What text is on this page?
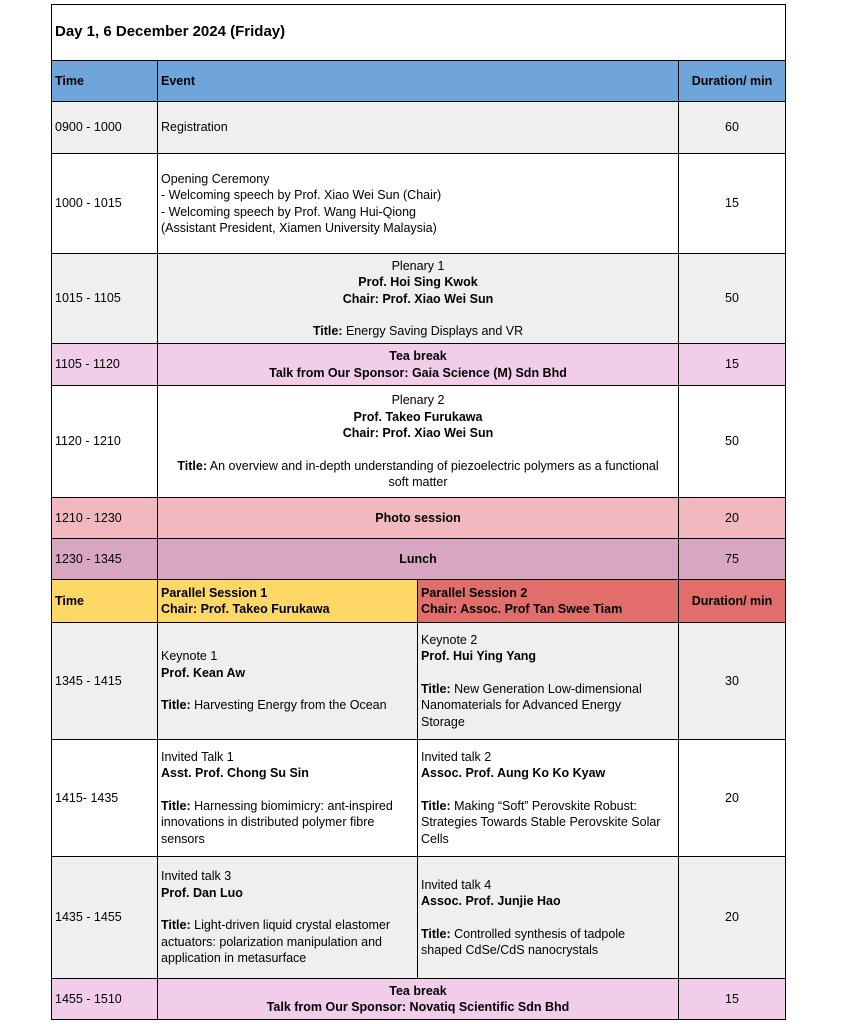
Day 1, 6 December 2024 (Friday)			
Time	Event		Duration/ min
0900 - 1000	Registration		60
1000 - 1015	Opening Ceremony
- Welcoming speech by Prof. Xiao Wei Sun (Chair)
- Welcoming speech by Prof. Wang Hui-Qiong
(Assistant President, Xiamen University Malaysia)		15
1015 - 1105	Plenary 1
Prof. Hoi Sing Kwok
Chair: Prof. Xiao Wei Sun
Title: Energy Saving Displays and VR		50
1105 - 1120	Tea break
Talk from Our Sponsor: Gaia Science (M) Sdn Bhd		15
1120 - 1210	Plenary 2
Prof. Takeo Furukawa
Chair: Prof. Xiao Wei Sun
Title: An overview and in-depth understanding of piezoelectric polymers as a functional
soft matter		50
1210 - 1230	Photo session		20
1230 - 1345	Lunch		75
Time	Parallel Session 1
Chair: Prof. Takeo Furukawa	Parallel Session 2
Chair: Assoc. Prof Tan Swee Tiam	Duration/ min
1345 - 1415	Keynote 1
Prof. Kean Aw
Title: Harvesting Energy from the Ocean	Keynote 2
Prof. Hui Ying Yang
Title: New Generation Low-dimensional
Nanomaterials for Advanced Energy
Storage	30
1415- 1435	Invited Talk 1
Asst. Prof. Chong Su Sin
Title: Harnessing biomimicry: ant-inspired
innovations in distributed polymer fibre
sensors	Invited talk 2
Assoc. Prof. Aung Ko Ko Kyaw
Title: Making “Soft” Perovskite Robust:
Strategies Towards Stable Perovskite Solar
Cells	20
1435 - 1455	Invited talk 3
Prof. Dan Luo
Title: Light-driven liquid crystal elastomer
actuators: polarization manipulation and
application in metasurface	Invited talk 4
Assoc. Prof. Junjie Hao
Title: Controlled synthesis of tadpole
shaped CdSe/CdS nanocrystals	20
1455 - 1510	Tea break
Talk from Our Sponsor: Novatiq Scientific Sdn Bhd		15
